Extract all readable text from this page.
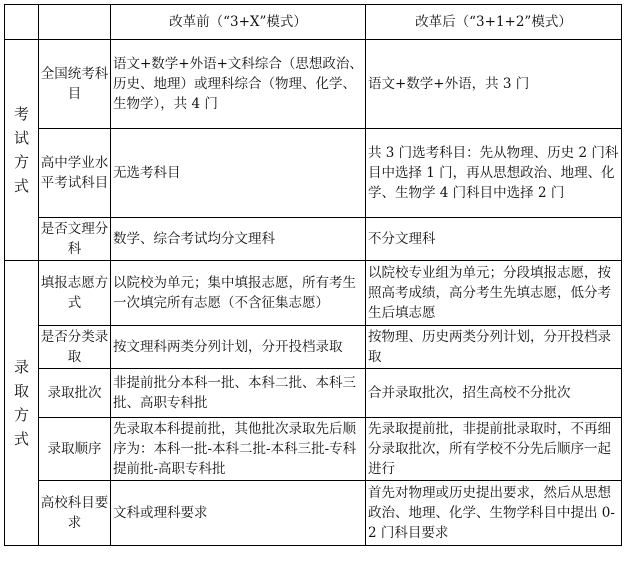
		改革前（“3+X”模式）	改革后（“3+1+2”模式）

考
试
方
式	全国统考科目	语文+数学+外语+文科综合（思想政治、历史、地理）或理科综合（物理、化学、生物学），共 4 门	语文+数学+外语，共 3 门
	高中学业水平考试科目	无选考科目	共 3 门选考科目：先从物理、历史 2 门科目中选择 1 门，再从思想政治、地理、化学、生物学 4 门科目中选择 2 门
	是否文理分科	数学、综合考试均分文理科	不分文理科

录
取
方
式	填报志愿方式	以院校为单元；集中填报志愿，所有考生一次填完所有志愿（不含征集志愿）	以院校专业组为单元；分段填报志愿，按照高考成绩，高分考生先填志愿，低分考生后填志愿
	是否分类录取	按文理科两类分列计划，分开投档录取	按物理、历史两类分列计划，分开投档录取
	录取批次	非提前批分本科一批、本科二批、本科三批、高职专科批	合并录取批次，招生高校不分批次
	录取顺序	先录取本科提前批，其他批次录取先后顺序为：本科一批-本科二批-本科三批-专科提前批-高职专科批	先录取提前批，非提前批录取时，不再细分录取批次，所有学校不分先后顺序一起进行
	高校科目要求	文科或理科要求	首先对物理或历史提出要求，然后从思想政治、地理、化学、生物学科目中提出 0-2 门科目要求
